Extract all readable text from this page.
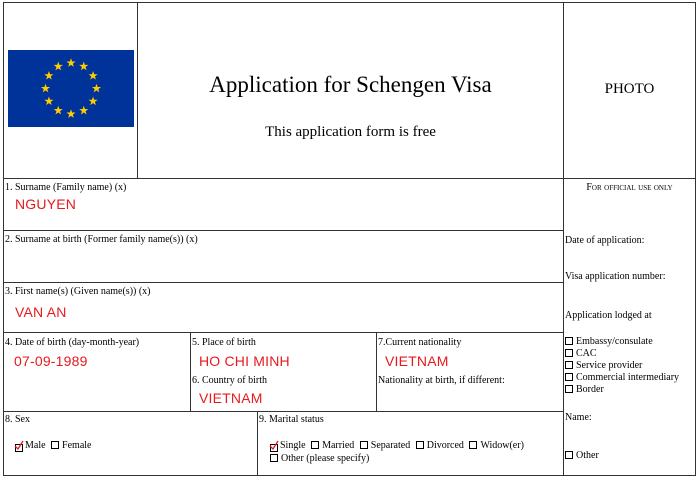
Application for Schengen Visa
This application form is free
PHOTO
For official use only
Date of application:
Visa application number:
Application lodged at
Embassy/consulate
CAC
Service provider
Commercial intermediary
Border
Name:
Other
1. Surname (Family name) (x)
NGUYEN
2. Surname at birth (Former family name(s)) (x)
3. First name(s) (Given name(s)) (x)
VAN AN
4. Date of birth (day-month-year)
07-09-1989
5. Place of birth
HO CHI MINH
6. Country of birth
VIETNAM
7.Current nationality
VIETNAM
Nationality at birth, if different:
8. Sex
Male Female
9. Marital status
Single Married Separated Divorced Widow(er)
Other (please specify)
